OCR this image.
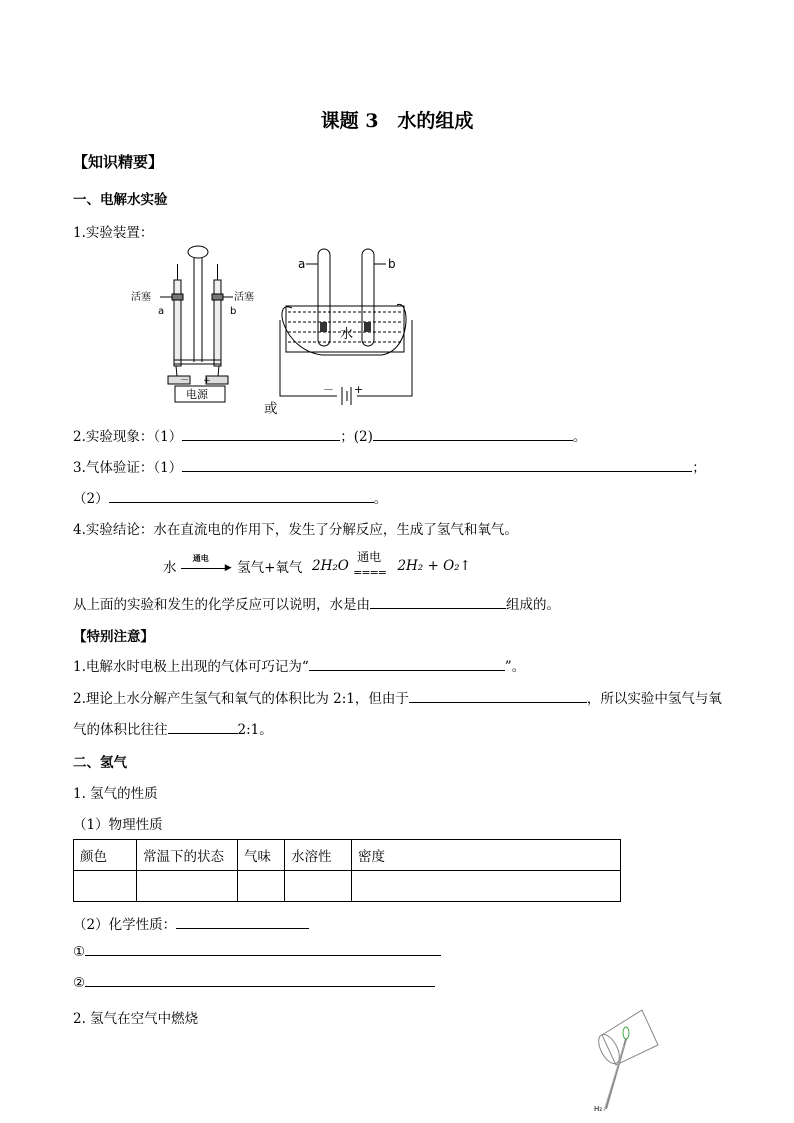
课题 3　水的组成
【知识精要】
一、电解水实验
1.实验装置：
电源
－ +
活塞	活塞
a	b
水
a	b
－ +
或
2.实验现象：（1）	；(2)	。
3.气体验证：（1）	；
（2）	。
4.实验结论：水在直流电的作用下，发生了分解反应，生成了氢气和氧气。
水
通电
▶ 氢气+氧气 2H₂O
通电
==== 2H₂ + O₂↑
从上面的实验和发生的化学反应可以说明，水是由	组成的。
【特别注意】
1.电解水时电极上出现的气体可巧记为“	”。
2.理论上水分解产生氢气和氧气的体积比为 2:1，但由于	，所以实验中氢气与氧
气的体积比往往	2:1。
二、氢气
1. 氢气的性质
（1）物理性质
颜色	常温下的状态	气味	水溶性	密度

（2）化学性质：
①
②
2. 氢气在空气中燃烧
H₂
